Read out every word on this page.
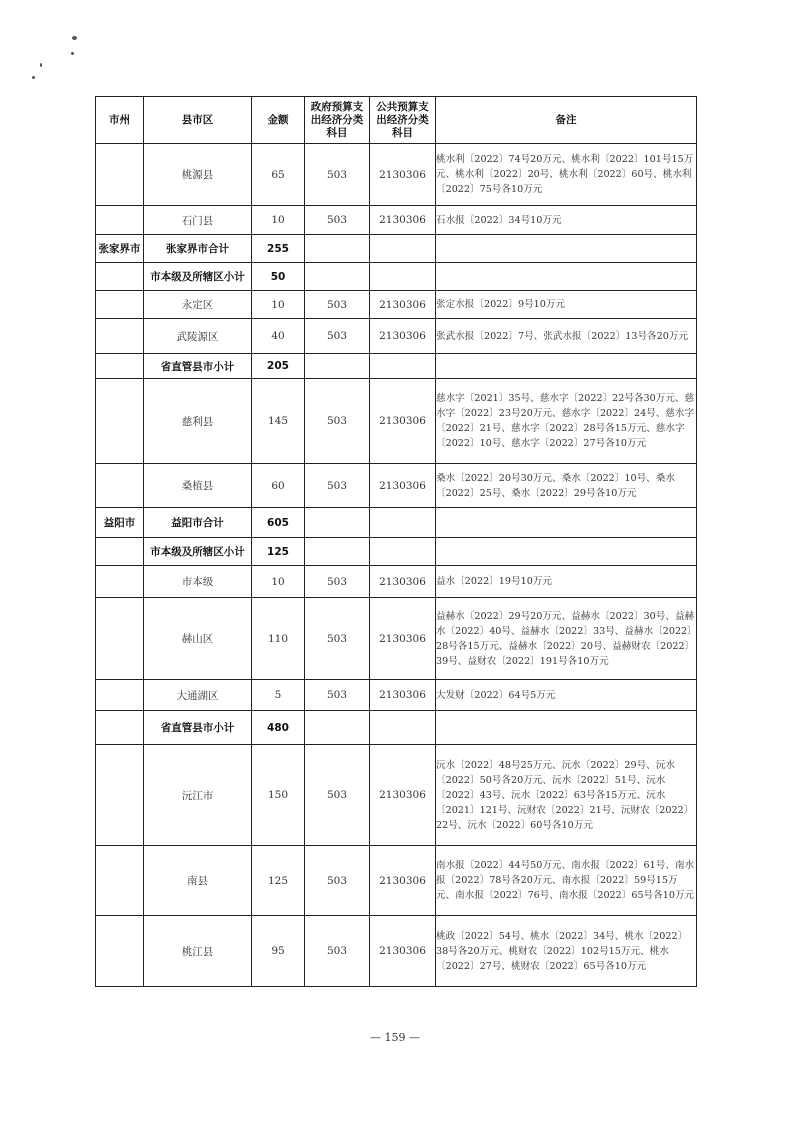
市州	县市区	金额	政府预算支出经济分类科目	公共预算支出经济分类科目	备注
	桃源县	65	503	2130306	桃水利〔2022〕74号20万元、桃水利〔2022〕101号15万元、桃水利〔2022〕20号、桃水利〔2022〕60号、桃水利〔2022〕75号各10万元
	石门县	10	503	2130306	石水报〔2022〕34号10万元
张家界市	张家界市合计	255			
	市本级及所辖区小计	50			
	永定区	10	503	2130306	张定水报〔2022〕9号10万元
	武陵源区	40	503	2130306	张武水报〔2022〕7号、张武水报〔2022〕13号各20万元
	省直管县市小计	205			
	慈利县	145	503	2130306	慈水字〔2021〕35号、慈水字〔2022〕22号各30万元、慈水字〔2022〕23号20万元、慈水字〔2022〕24号、慈水字〔2022〕21号、慈水字〔2022〕28号各15万元、慈水字〔2022〕10号、慈水字〔2022〕27号各10万元
	桑植县	60	503	2130306	桑水〔2022〕20号30万元、桑水〔2022〕10号、桑水〔2022〕25号、桑水〔2022〕29号各10万元
益阳市	益阳市合计	605			
	市本级及所辖区小计	125			
	市本级	10	503	2130306	益水〔2022〕19号10万元
	赫山区	110	503	2130306	益赫水〔2022〕29号20万元、益赫水〔2022〕30号、益赫水〔2022〕40号、益赫水〔2022〕33号、益赫水〔2022〕28号各15万元、益赫水〔2022〕20号、益赫财农〔2022〕39号、益财农〔2022〕191号各10万元
	大通湖区	5	503	2130306	大发财〔2022〕64号5万元
	省直管县市小计	480			
	沅江市	150	503	2130306	沅水〔2022〕48号25万元、沅水〔2022〕29号、沅水〔2022〕50号各20万元、沅水〔2022〕51号、沅水〔2022〕43号、沅水〔2022〕63号各15万元、沅水〔2021〕121号、沅财农〔2022〕21号、沅财农〔2022〕22号、沅水〔2022〕60号各10万元
	南县	125	503	2130306	南水报〔2022〕44号50万元、南水报〔2022〕61号、南水报〔2022〕78号各20万元、南水报〔2022〕59号15万元、南水报〔2022〕76号、南水报〔2022〕65号各10万元
	桃江县	95	503	2130306	桃政〔2022〕54号、桃水〔2022〕34号、桃水〔2022〕38号各20万元、桃财农〔2022〕102号15万元、桃水〔2022〕27号、桃财农〔2022〕65号各10万元
— 159 —
